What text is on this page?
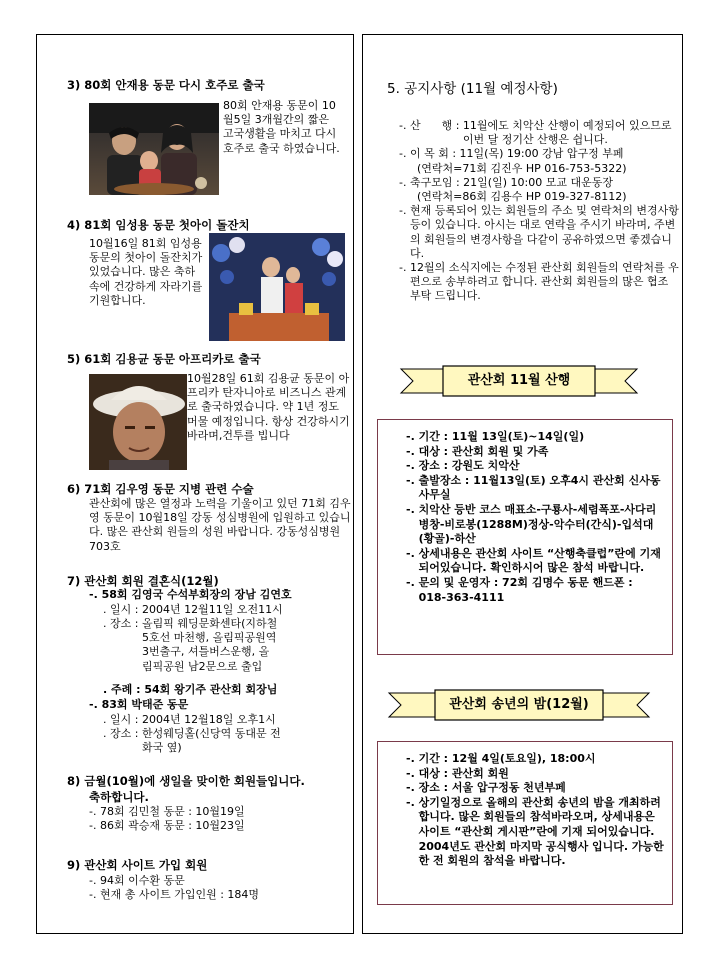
3) 80회 안재용 동문 다시 호주로 출국
80회 안재용 동문이 10월5일 3개월간의 짧은 고국생활을 마치고 다시 호주로 출국 하였습니다.
4) 81회 임성용 동문 첫아이 돌잔치
10월16일 81회 임성용 동문의 첫아이 돌잔치가 있었습니다. 많은 축하 속에 건강하게 자라기를 기원합니다.
5) 61회 김용균 동문 아프리카로 출국
10월28일 61회 김용균 동문이 아프리카 탄자니아로 비즈니스 관계로 출국하였습니다. 약 1년 정도 머물 예정입니다. 항상 건강하시기 바라며,건투를 빕니다
6) 71회 김우영 동문 지병 관련 수술
관산회에 많은 열정과 노력을 기울이고 있던 71회 김우영 동문이 10월18일 강동 성심병원에 입원하고 있습니다. 많은 관산회 원들의 성원 바랍니다. 강동성심병원 703호
7) 관산회 회원 결혼식(12월)
-. 58회 김영국 수석부회장의 장남 김연호
. 일시 : 2004년 12월11일 오전11시
. 장소 : 올림픽 웨딩문화센타(지하철 5호선 마천행, 올림픽공원역 3번출구, 셔틀버스운행, 올림픽공원 남2문으로 출입
. 주례 : 54회 왕기주 관산회 회장님
-. 83회 박태준 동문
. 일시 : 2004년 12월18일 오후1시
. 장소 : 한성웨딩홀(신당역 동대문 전화국 옆)
8) 금월(10월)에 생일을 맞이한 회원들입니다.
축하합니다.
-. 78회 김민철 동문 : 10월19일
-. 86회 곽승재 동문 : 10월23일
9) 관산회 사이트 가입 회원
-. 94회 이수환 동문
-. 현재 총 사이트 가입인원 : 184명
5. 공지사항 (11월 예정사항)
-. 산      행 : 11월에도 치악산 산행이 예정되어 있으므로 이번 달 정기산 산행은 쉽니다.
-. 이 목 회 : 11일(목) 19:00 강남 압구정 부페
(연락처=71회 김진우 HP 016-753-5322)
-. 축구모임 : 21일(일) 10:00 모교 대운동장
(연락처=86회 김용수 HP 019-327-8112)
-. 현재 등록되어 있는 회원들의 주소 및 연락처의 변경사항 등이 있습니다. 아시는 대로 연락을 주시기 바라며, 주변의 회원들의 변경사항을 다같이 공유하였으면 좋겠습니다.
-. 12월의 소식지에는 수정된 관산회 회원들의 연락처를 우편으로 송부하려고 합니다. 관산회 회원들의 많은 협조 부탁 드립니다.
관산회 11월 산행
-. 기간 : 11월 13일(토)~14일(일)
-. 대상 : 관산회 회원 및 가족
-. 장소 : 강원도 치악산
-. 출발장소 : 11월13일(토) 오후4시 관산회 신사동 사무실
-. 치악산 등반 코스 매표소-구룡사-세렴폭포-사다리병창-비로봉(1288M)정상-악수터(간식)-입석대(황골)-하산
-. 상세내용은 관산회 사이트 “산행축클럽”란에 기재 되어있습니다. 확인하시어 많은 참석 바랍니다.
-. 문의 및 운영자 : 72회 김명수 동문 핸드폰 : 018-363-4111
관산회 송년의 밤(12월)
-. 기간 : 12월 4일(토요일), 18:00시
-. 대상 : 관산회 회원
-. 장소 : 서울 압구정동 천년부페
-. 상기일정으로 올해의 관산회 송년의 밤을 개최하려 합니다. 많은 회원들의 참석바라오며, 상세내용은 사이트 “관산회 게시판”란에 기재 되어있습니다. 2004년도 관산회 마지막 공식행사 입니다. 가능한한 전 회원의 참석을 바랍니다.
